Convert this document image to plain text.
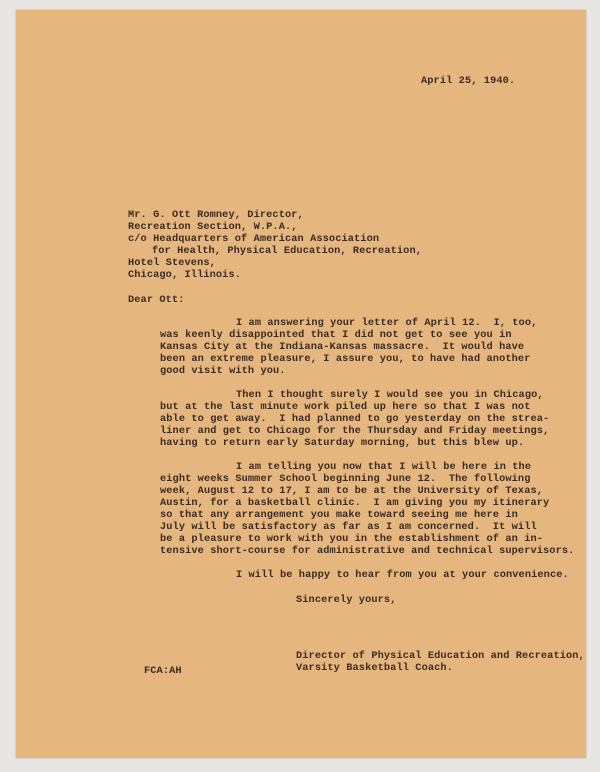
April 25, 1940.
Mr. G. Ott Romney, Director,
Recreation Section, W.P.A.,
c/o Headquarters of American Association
for Health, Physical Education, Recreation,
Hotel Stevens,
Chicago, Illinois.
Dear Ott:
I am answering your letter of April 12.  I, too,
was keenly disappointed that I did not get to see you in
Kansas City at the Indiana-Kansas massacre.  It would have
been an extreme pleasure, I assure you, to have had another
good visit with you.
Then I thought surely I would see you in Chicago,
but at the last minute work piled up here so that I was not
able to get away.  I had planned to go yesterday on the strea-
liner and get to Chicago for the Thursday and Friday meetings,
having to return early Saturday morning, but this blew up.
I am telling you now that I will be here in the
eight weeks Summer School beginning June 12.  The following
week, August 12 to 17, I am to be at the University of Texas,
Austin, for a basketball clinic.  I am giving you my itinerary
so that any arrangement you make toward seeing me here in
July will be satisfactory as far as I am concerned.  It will
be a pleasure to work with you in the establishment of an in-
tensive short-course for administrative and technical supervisors.
I will be happy to hear from you at your convenience.
Sincerely yours,
Director of Physical Education and Recreation,
Varsity Basketball Coach.
FCA:AH
